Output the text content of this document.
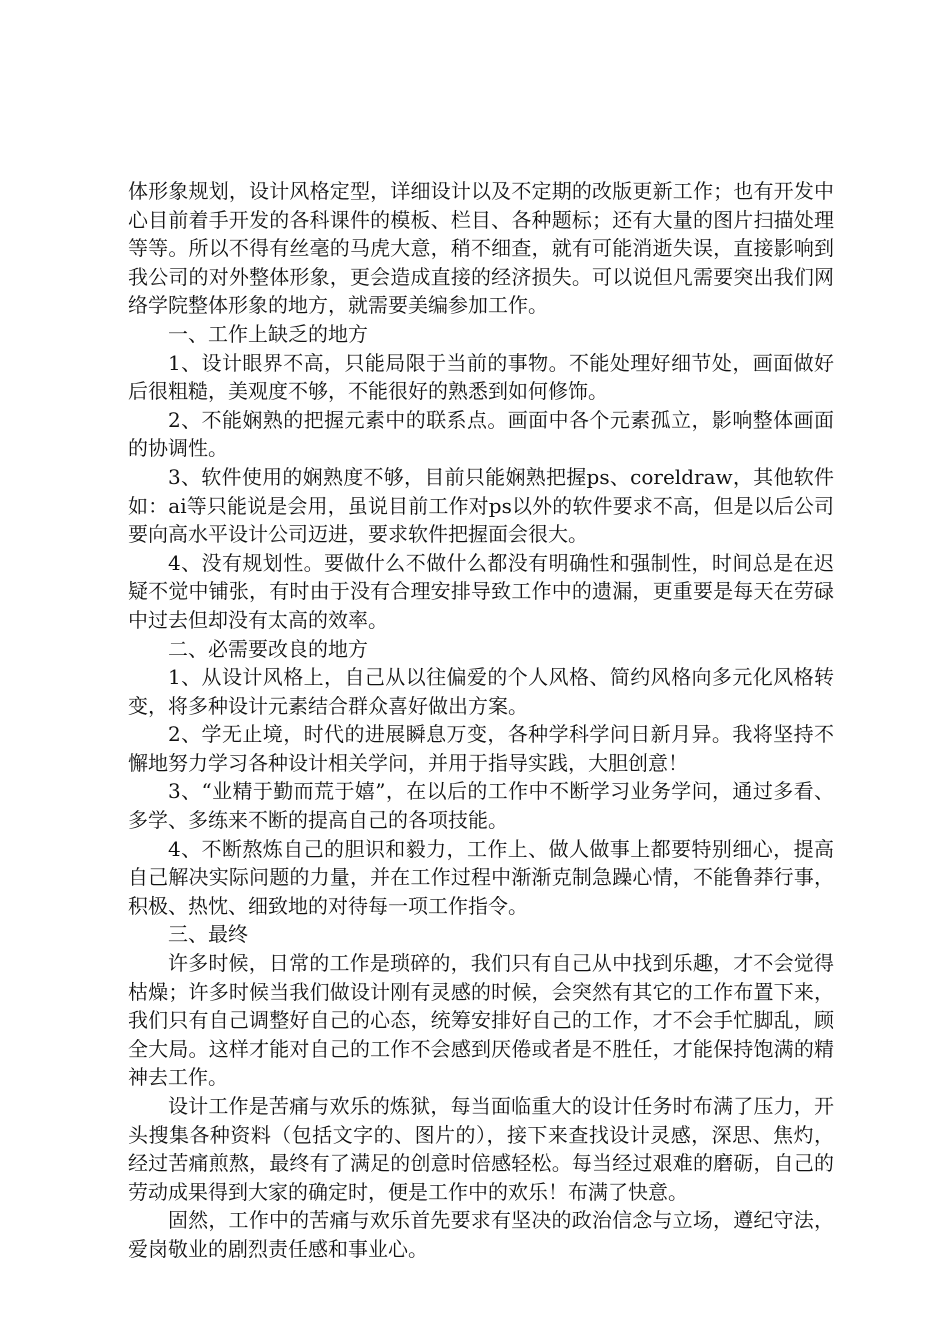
体形象规划，设计风格定型，详细设计以及不定期的改版更新工作；也有开发中心目前着手开发的各科课件的模板、栏目、各种题标；还有大量的图片扫描处理等等。所以不得有丝毫的马虎大意，稍不细查，就有可能消逝失误，直接影响到我公司的对外整体形象，更会造成直接的经济损失。可以说但凡需要突出我们网络学院整体形象的地方，就需要美编参加工作。

一、工作上缺乏的地方

1、设计眼界不高，只能局限于当前的事物。不能处理好细节处，画面做好后很粗糙，美观度不够，不能很好的熟悉到如何修饰。

2、不能娴熟的把握元素中的联系点。画面中各个元素孤立，影响整体画面的协调性。

3、软件使用的娴熟度不够，目前只能娴熟把握ps、coreldraw，其他软件如：ai等只能说是会用，虽说目前工作对ps以外的软件要求不高，但是以后公司要向高水平设计公司迈进，要求软件把握面会很大。

4、没有规划性。要做什么不做什么都没有明确性和强制性，时间总是在迟疑不觉中铺张，有时由于没有合理安排导致工作中的遗漏，更重要是每天在劳碌中过去但却没有太高的效率。

二、必需要改良的地方

1、从设计风格上，自己从以往偏爱的个人风格、简约风格向多元化风格转变，将多种设计元素结合群众喜好做出方案。

2、学无止境，时代的进展瞬息万变，各种学科学问日新月异。我将坚持不懈地努力学习各种设计相关学问，并用于指导实践，大胆创意！

3、“业精于勤而荒于嬉”，在以后的工作中不断学习业务学问，通过多看、多学、多练来不断的提高自己的各项技能。

4、不断熬炼自己的胆识和毅力，工作上、做人做事上都要特别细心，提高自己解决实际问题的力量，并在工作过程中渐渐克制急躁心情，不能鲁莽行事，积极、热忱、细致地的对待每一项工作指令。

三、最终

许多时候，日常的工作是琐碎的，我们只有自己从中找到乐趣，才不会觉得枯燥；许多时候当我们做设计刚有灵感的时候，会突然有其它的工作布置下来，我们只有自己调整好自己的心态，统筹安排好自己的工作，才不会手忙脚乱，顾全大局。这样才能对自己的工作不会感到厌倦或者是不胜任，才能保持饱满的精神去工作。

设计工作是苦痛与欢乐的炼狱，每当面临重大的设计任务时布满了压力，开头搜集各种资料（包括文字的、图片的），接下来查找设计灵感，深思、焦灼，经过苦痛煎熬，最终有了满足的创意时倍感轻松。每当经过艰难的磨砺，自己的劳动成果得到大家的确定时，便是工作中的欢乐！布满了快意。

固然，工作中的苦痛与欢乐首先要求有坚决的政治信念与立场，遵纪守法，爱岗敬业的剧烈责任感和事业心。
